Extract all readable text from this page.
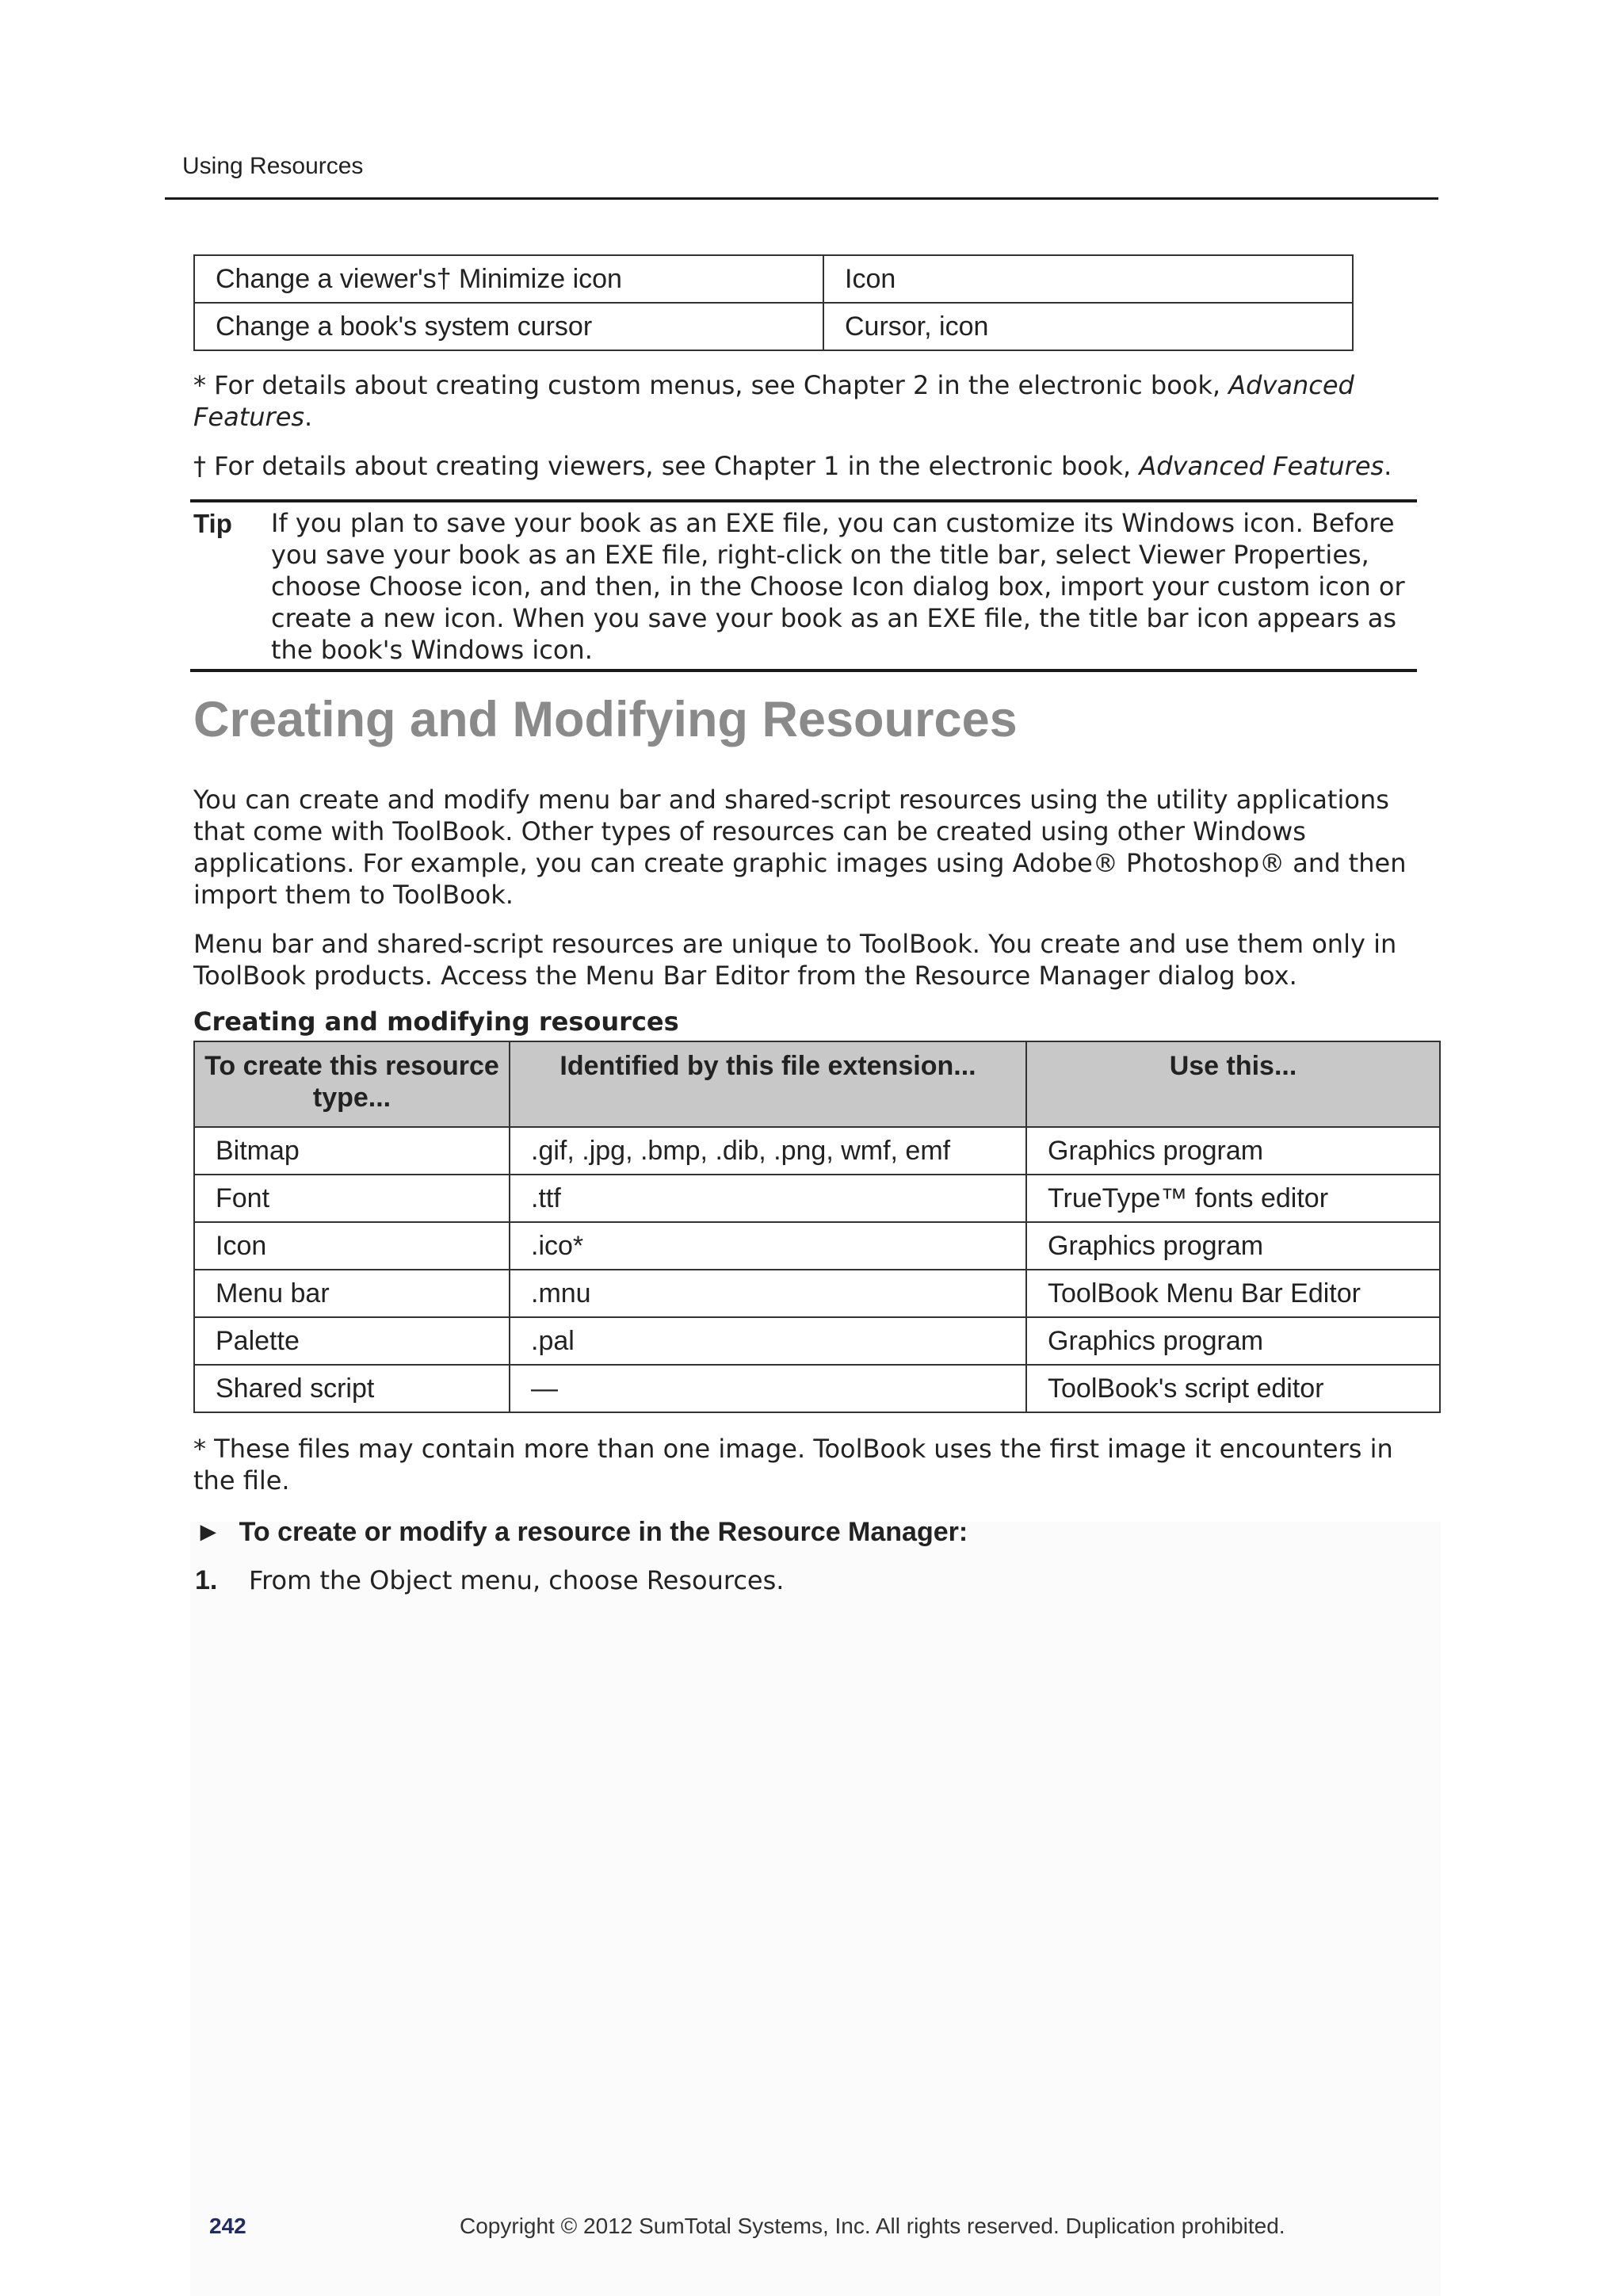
Using Resources
Change a viewer's† Minimize icon	Icon
Change a book's system cursor	Cursor, icon
* For details about creating custom menus, see Chapter 2 in the electronic book, Advanced Features.
† For details about creating viewers, see Chapter 1 in the electronic book, Advanced Features.
Tip If you plan to save your book as an EXE file, you can customize its Windows icon. Before you save your book as an EXE file, right-click on the title bar, select Viewer Properties, choose Choose icon, and then, in the Choose Icon dialog box, import your custom icon or create a new icon. When you save your book as an EXE file, the title bar icon appears as the book's Windows icon.
Creating and Modifying Resources
You can create and modify menu bar and shared-script resources using the utility applications that come with ToolBook. Other types of resources can be created using other Windows applications. For example, you can create graphic images using Adobe® Photoshop® and then import them to ToolBook.
Menu bar and shared-script resources are unique to ToolBook. You create and use them only in ToolBook products. Access the Menu Bar Editor from the Resource Manager dialog box.
Creating and modifying resources
To create this resource type...	Identified by this file extension...	Use this...
Bitmap	.gif, .jpg, .bmp, .dib, .png, wmf, emf	Graphics program
Font	.ttf	TrueType™ fonts editor
Icon	.ico*	Graphics program
Menu bar	.mnu	ToolBook Menu Bar Editor
Palette	.pal	Graphics program
Shared script	—	ToolBook's script editor
* These files may contain more than one image. ToolBook uses the first image it encounters in the file.
► To create or modify a resource in the Resource Manager:
1. From the Object menu, choose Resources.
242	Copyright © 2012 SumTotal Systems, Inc. All rights reserved. Duplication prohibited.
